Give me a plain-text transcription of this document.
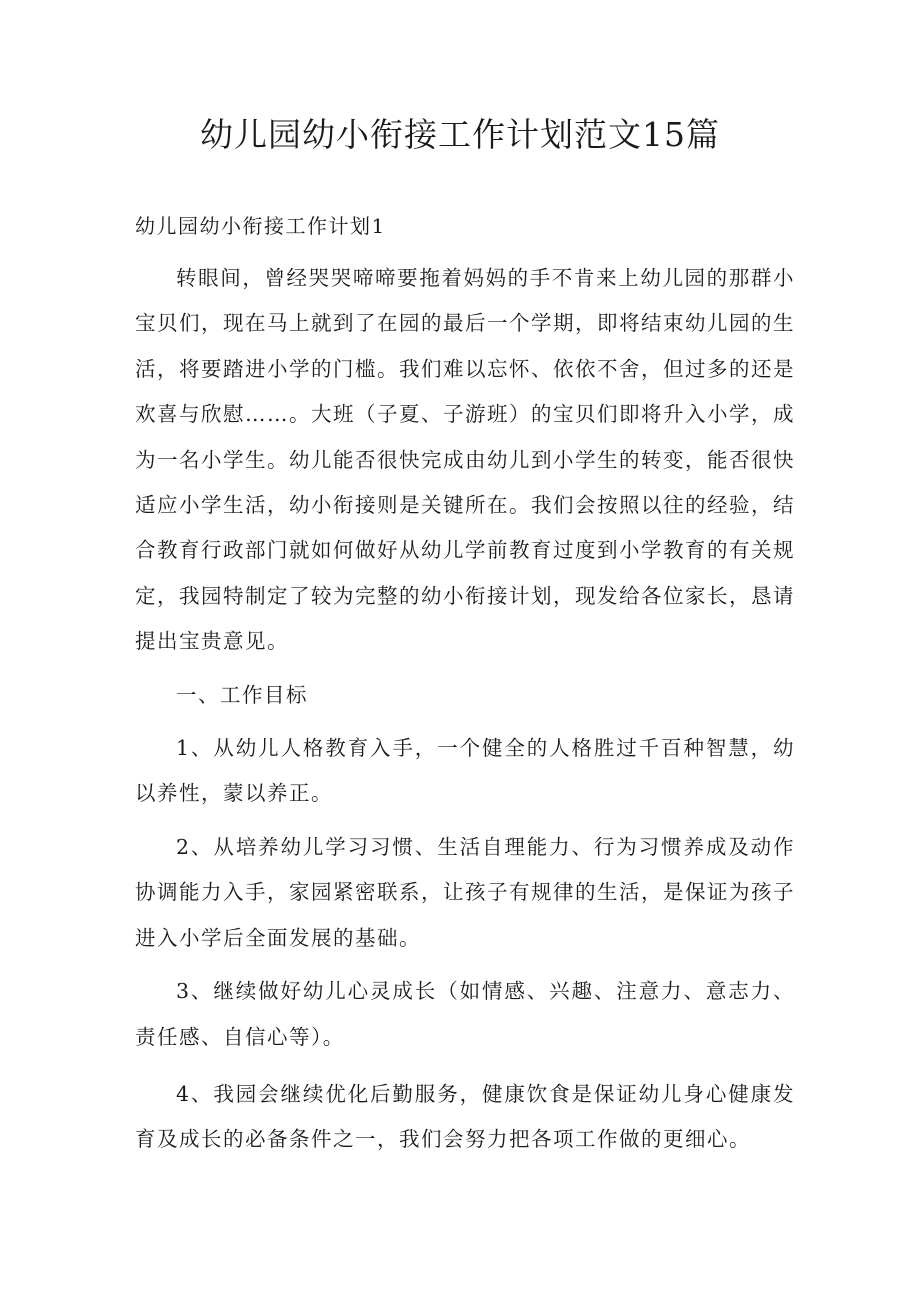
幼儿园幼小衔接工作计划范文15篇
幼儿园幼小衔接工作计划1

转眼间，曾经哭哭啼啼要拖着妈妈的手不肯来上幼儿园的那群小宝贝们，现在马上就到了在园的最后一个学期，即将结束幼儿园的生活，将要踏进小学的门槛。我们难以忘怀、依依不舍，但过多的还是欢喜与欣慰……。大班（子夏、子游班）的宝贝们即将升入小学，成为一名小学生。幼儿能否很快完成由幼儿到小学生的转变，能否很快适应小学生活，幼小衔接则是关键所在。我们会按照以往的经验，结合教育行政部门就如何做好从幼儿学前教育过度到小学教育的有关规定，我园特制定了较为完整的幼小衔接计划，现发给各位家长，恳请提出宝贵意见。

一、工作目标

1、从幼儿人格教育入手，一个健全的人格胜过千百种智慧，幼以养性，蒙以养正。

2、从培养幼儿学习习惯、生活自理能力、行为习惯养成及动作协调能力入手，家园紧密联系，让孩子有规律的生活，是保证为孩子进入小学后全面发展的基础。

3、继续做好幼儿心灵成长（如情感、兴趣、注意力、意志力、责任感、自信心等）。

4、我园会继续优化后勤服务，健康饮食是保证幼儿身心健康发育及成长的必备条件之一，我们会努力把各项工作做的更细心。
